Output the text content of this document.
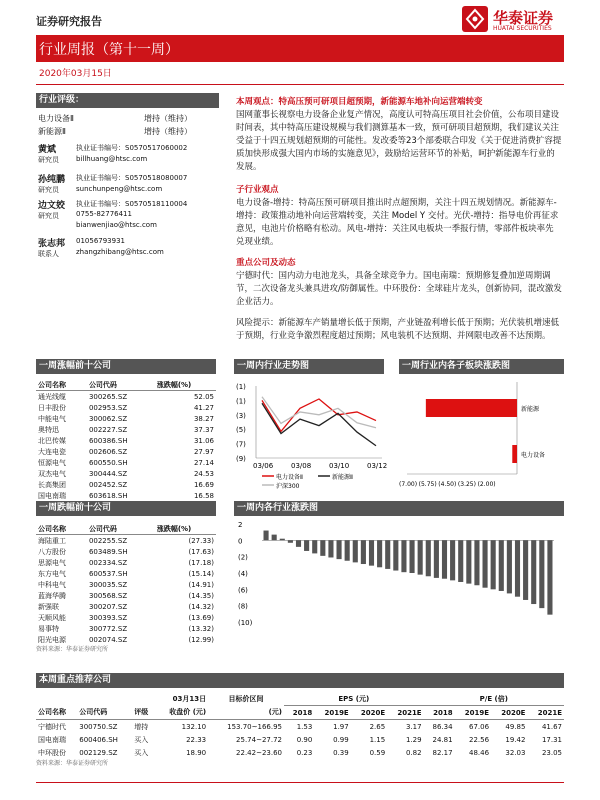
证券研究报告	华泰证券
HUATAI SECURITIES
行业周报（第十一周）
2020年03月15日
行业评级：
电力设备Ⅱ	增持（维持）
新能源Ⅱ	增持（维持）
黄斌
研究员
执业证书编号：S0570517060002
billhuang@htsc.com
孙纯鹏
研究员
执业证书编号：S0570518080007
sunchunpeng@htsc.com
边文姣
研究员
执业证书编号：S0570518110004
0755-82776411
bianwenjiao@htsc.com
张志邦
联系人
01056793931
zhangzhibang@htsc.com
本周观点：特高压预可研项目超预期，新能源车地补向运营端转变
国网董事长视察电力设备企业复产情况，高度认可特高压项目社会价值，公布项目建设时间表，其中特高压建设规模与我们测算基本一致，预可研项目超预期，我们建议关注受益于十四五规划超预期的可能性。发改委等23个部委联合印发《关于促进消费扩容提质加快形成强大国内市场的实施意见》，鼓励给运营环节的补贴，呵护新能源车行业的发展。
子行业观点
电力设备-增持：特高压预可研项目推出时点超预期，关注十四五规划情况。新能源车-增持：政策推动地补向运营端转变，关注 Model Y 交付。光伏-增持：指导电价再征求意见，电池片价格略有松动。风电-增持：关注风电板块一季报行情，零部件板块率先兑现业绩。
重点公司及动态
宁德时代：国内动力电池龙头，具备全球竞争力。国电南瑞：预期修复叠加逆周期调节，二次设备龙头兼具进攻/防御属性。中环股份：全球硅片龙头，创新协同，混改激发企业活力。
风险提示：新能源车产销量增长低于预期，产业链盈利增长低于预期；光伏装机增速低于预期，行业竞争激烈程度超过预期；风电装机不达预期、并网限电改善不达预期。
一周涨幅前十公司
公司名称	公司代码	涨跌幅(%)
通光线缆	300265.SZ	52.05
日丰股份	002953.SZ	41.27
中能电气	300062.SZ	38.27
奥特迅	002227.SZ	37.37
北巴传媒	600386.SH	31.06
大连电瓷	002606.SZ	27.97
恒源电气	600550.SH	27.14
双杰电气	300444.SZ	24.53
长高集团	002452.SZ	16.69
国电南瑞	603618.SH	16.58
一周跌幅前十公司
公司名称	公司代码	涨跌幅(%)
海陆重工	002255.SZ	(27.33)
八方股份	603489.SH	(17.63)
思源电气	002334.SZ	(17.18)
东方电气	600537.SH	(15.14)
中科电气	300035.SZ	(14.91)
蓝海华腾	300568.SZ	(14.35)
新强联	300207.SZ	(14.32)
天顺风能	300393.SZ	(13.69)
易事特	300772.SZ	(13.32)
阳光电源	002074.SZ	(12.99)
资料来源：华泰证券研究所
一周内行业走势图
(1)
(1)
(3)
(5)
(7)
(9)
03/06	03/08	03/10	03/12
电力设备Ⅱ	新能源Ⅱ
沪深300
一周行业内各子板块涨跌图
(7.00) (5.75) (4.50) (3.25) (2.00)
新能源
电力设备
一周内各行业涨跌图
2
0
(2)
(4)
(6)
(8)
(10)
本周重点推荐公司
			03月13日	目标价区间	EPS (元)				P/E (倍)			
公司名称	公司代码	评级	收盘价 (元)	(元)	2018	2019E	2020E	2021E	2018	2019E	2020E	2021E
宁德时代	300750.SZ	增持	132.10	153.70~166.95	1.53	1.97	2.65	3.17	86.34	67.06	49.85	41.67
国电南瑞	600406.SH	买入	22.33	25.74~27.72	0.90	0.99	1.15	1.29	24.81	22.56	19.42	17.31
中环股份	002129.SZ	买入	18.90	22.42~23.60	0.23	0.39	0.59	0.82	82.17	48.46	32.03	23.05
资料来源：华泰证券研究所
